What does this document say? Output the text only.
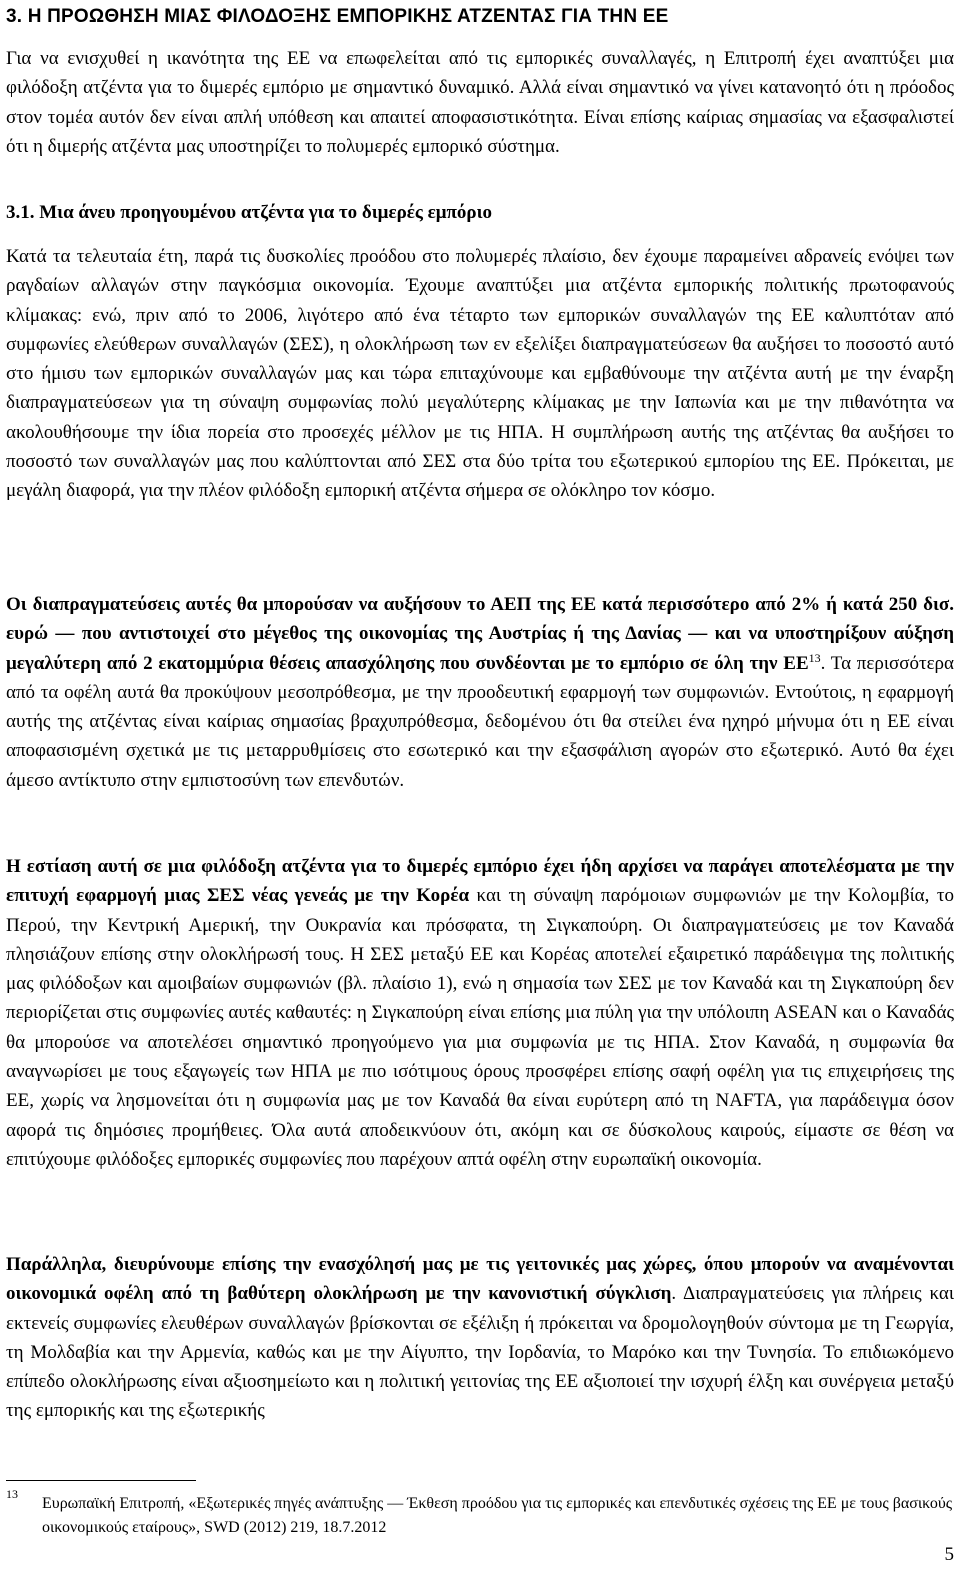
3. Η ΠΡΟΩΘΗΣΗ ΜΙΑΣ ΦΙΛΟΔΟΞΗΣ ΕΜΠΟΡΙΚΗΣ ΑΤΖΕΝΤΑΣ ΓΙΑ ΤΗΝ ΕΕ

Για να ενισχυθεί η ικανότητα της ΕΕ να επωφελείται από τις εμπορικές συναλλαγές, η Επιτροπή έχει αναπτύξει μια φιλόδοξη ατζέντα για το διμερές εμπόριο με σημαντικό δυναμικό. Αλλά είναι σημαντικό να γίνει κατανοητό ότι η πρόοδος στον τομέα αυτόν δεν είναι απλή υπόθεση και απαιτεί αποφασιστικότητα. Είναι επίσης καίριας σημασίας να εξασφαλιστεί ότι η διμερής ατζέντα μας υποστηρίζει το πολυμερές εμπορικό σύστημα.

3.1. Μια άνευ προηγουμένου ατζέντα για το διμερές εμπόριο

Κατά τα τελευταία έτη, παρά τις δυσκολίες προόδου στο πολυμερές πλαίσιο, δεν έχουμε παραμείνει αδρανείς ενόψει των ραγδαίων αλλαγών στην παγκόσμια οικονομία. Έχουμε αναπτύξει μια ατζέντα εμπορικής πολιτικής πρωτοφανούς κλίμακας: ενώ, πριν από το 2006, λιγότερο από ένα τέταρτο των εμπορικών συναλλαγών της ΕΕ καλυπτόταν από συμφωνίες ελεύθερων συναλλαγών (ΣΕΣ), η ολοκλήρωση των εν εξελίξει διαπραγματεύσεων θα αυξήσει το ποσοστό αυτό στο ήμισυ των εμπορικών συναλλαγών μας και τώρα επιταχύνουμε και εμβαθύνουμε την ατζέντα αυτή με την έναρξη διαπραγματεύσεων για τη σύναψη συμφωνίας πολύ μεγαλύτερης κλίμακας με την Ιαπωνία και με την πιθανότητα να ακολουθήσουμε την ίδια πορεία στο προσεχές μέλλον με τις ΗΠΑ. Η συμπλήρωση αυτής της ατζέντας θα αυξήσει το ποσοστό των συναλλαγών μας που καλύπτονται από ΣΕΣ στα δύο τρίτα του εξωτερικού εμπορίου της ΕΕ. Πρόκειται, με μεγάλη διαφορά, για την πλέον φιλόδοξη εμπορική ατζέντα σήμερα σε ολόκληρο τον κόσμο.

Οι διαπραγματεύσεις αυτές θα μπορούσαν να αυξήσουν το ΑΕΠ της ΕΕ κατά περισσότερο από 2% ή κατά 250 δισ. ευρώ — που αντιστοιχεί στο μέγεθος της οικονομίας της Αυστρίας ή της Δανίας — και να υποστηρίξουν αύξηση μεγαλύτερη από 2 εκατομμύρια θέσεις απασχόλησης που συνδέονται με το εμπόριο σε όλη την ΕΕ$^{13}$. Τα περισσότερα από τα οφέλη αυτά θα προκύψουν μεσοπρόθεσμα, με την προοδευτική εφαρμογή των συμφωνιών. Εντούτοις, η εφαρμογή αυτής της ατζέντας είναι καίριας σημασίας βραχυπρόθεσμα, δεδομένου ότι θα στείλει ένα ηχηρό μήνυμα ότι η ΕΕ είναι αποφασισμένη σχετικά με τις μεταρρυθμίσεις στο εσωτερικό και την εξασφάλιση αγορών στο εξωτερικό. Αυτό θα έχει άμεσο αντίκτυπο στην εμπιστοσύνη των επενδυτών.

Η εστίαση αυτή σε μια φιλόδοξη ατζέντα για το διμερές εμπόριο έχει ήδη αρχίσει να παράγει αποτελέσματα με την επιτυχή εφαρμογή μιας ΣΕΣ νέας γενεάς με την Κορέα και τη σύναψη παρόμοιων συμφωνιών με την Κολομβία, το Περού, την Κεντρική Αμερική, την Ουκρανία και πρόσφατα, τη Σιγκαπούρη. Οι διαπραγματεύσεις με τον Καναδά πλησιάζουν επίσης στην ολοκλήρωσή τους. Η ΣΕΣ μεταξύ ΕΕ και Κορέας αποτελεί εξαιρετικό παράδειγμα της πολιτικής μας φιλόδοξων και αμοιβαίων συμφωνιών (βλ. πλαίσιο 1), ενώ η σημασία των ΣΕΣ με τον Καναδά και τη Σιγκαπούρη δεν περιορίζεται στις συμφωνίες αυτές καθαυτές: η Σιγκαπούρη είναι επίσης μια πύλη για την υπόλοιπη ASEAN και ο Καναδάς θα μπορούσε να αποτελέσει σημαντικό προηγούμενο για μια συμφωνία με τις ΗΠΑ. Στον Καναδά, η συμφωνία θα αναγνωρίσει με τους εξαγωγείς των ΗΠΑ με πιο ισότιμους όρους προσφέρει επίσης σαφή οφέλη για τις επιχειρήσεις της ΕΕ, χωρίς να λησμονείται ότι η συμφωνία μας με τον Καναδά θα είναι ευρύτερη από τη NAFTA, για παράδειγμα όσον αφορά τις δημόσιες προμήθειες. Όλα αυτά αποδεικνύουν ότι, ακόμη και σε δύσκολους καιρούς, είμαστε σε θέση να επιτύχουμε φιλόδοξες εμπορικές συμφωνίες που παρέχουν απτά οφέλη στην ευρωπαϊκή οικονομία.

Παράλληλα, διευρύνουμε επίσης την ενασχόλησή μας με τις γειτονικές μας χώρες, όπου μπορούν να αναμένονται οικονομικά οφέλη από τη βαθύτερη ολοκλήρωση με την κανονιστική σύγκλιση. Διαπραγματεύσεις για πλήρεις και εκτενείς συμφωνίες ελευθέρων συναλλαγών βρίσκονται σε εξέλιξη ή πρόκειται να δρομολογηθούν σύντομα με τη Γεωργία, τη Μολδαβία και την Αρμενία, καθώς και με την Αίγυπτο, την Ιορδανία, το Μαρόκο και την Τυνησία. Το επιδιωκόμενο επίπεδο ολοκλήρωσης είναι αξιοσημείωτο και η πολιτική γειτονίας της ΕΕ αξιοποιεί την ισχυρή έλξη και συνέργεια μεταξύ της εμπορικής και της εξωτερικής

13

Ευρωπαϊκή Επιτροπή, «Εξωτερικές πηγές ανάπτυξης — Έκθεση προόδου για τις εμπορικές και επενδυτικές σχέσεις της ΕΕ με τους βασικούς οικονομικούς εταίρους», SWD (2012) 219, 18.7.2012

5
